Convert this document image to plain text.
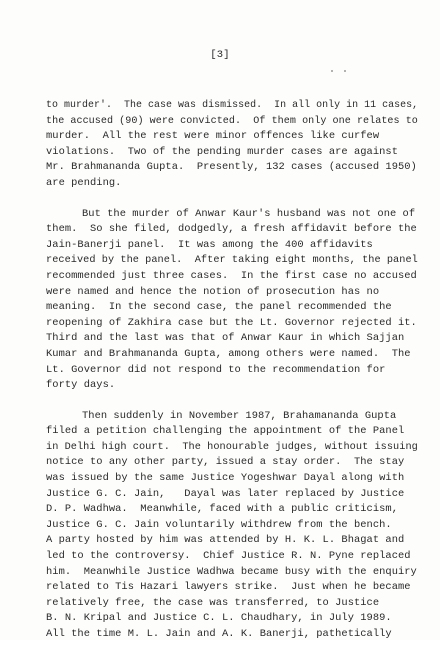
[3]
to murder'.  The case was dismissed.  In all only in 11 cases,
the accused (90) were convicted.  Of them only one relates to
murder.  All the rest were minor offences like curfew
violations.  Two of the pending murder cases are against
Mr. Brahmananda Gupta.  Presently, 132 cases (accused 1950)
are pending.
But the murder of Anwar Kaur's husband was not one of
them.  So she filed, dodgedly, a fresh affidavit before the
Jain-Banerji panel.  It was among the 400 affidavits
received by the panel.  After taking eight months, the panel
recommended just three cases.  In the first case no accused
were named and hence the notion of prosecution has no
meaning.  In the second case, the panel recommended the
reopening of Zakhira case but the Lt. Governor rejected it.
Third and the last was that of Anwar Kaur in which Sajjan
Kumar and Brahmananda Gupta, among others were named.  The
Lt. Governor did not respond to the recommendation for
forty days.
Then suddenly in November 1987, Brahamananda Gupta
filed a petition challenging the appointment of the Panel
in Delhi high court.  The honourable judges, without issuing
notice to any other party, issued a stay order.  The stay
was issued by the same Justice Yogeshwar Dayal along with
Justice G. C. Jain,   Dayal was later replaced by Justice
D. P. Wadhwa.  Meanwhile, faced with a public criticism,
Justice G. C. Jain voluntarily withdrew from the bench.
A party hosted by him was attended by H. K. L. Bhagat and
led to the controversy.  Chief Justice R. N. Pyne replaced
him.  Meanwhile Justice Wadhwa became busy with the enquiry
related to Tis Hazari lawyers strike.  Just when he became
relatively free, the case was transferred, to Justice
B. N. Kripal and Justice C. L. Chaudhary, in July 1989.
All the time M. L. Jain and A. K. Banerji, pathetically
